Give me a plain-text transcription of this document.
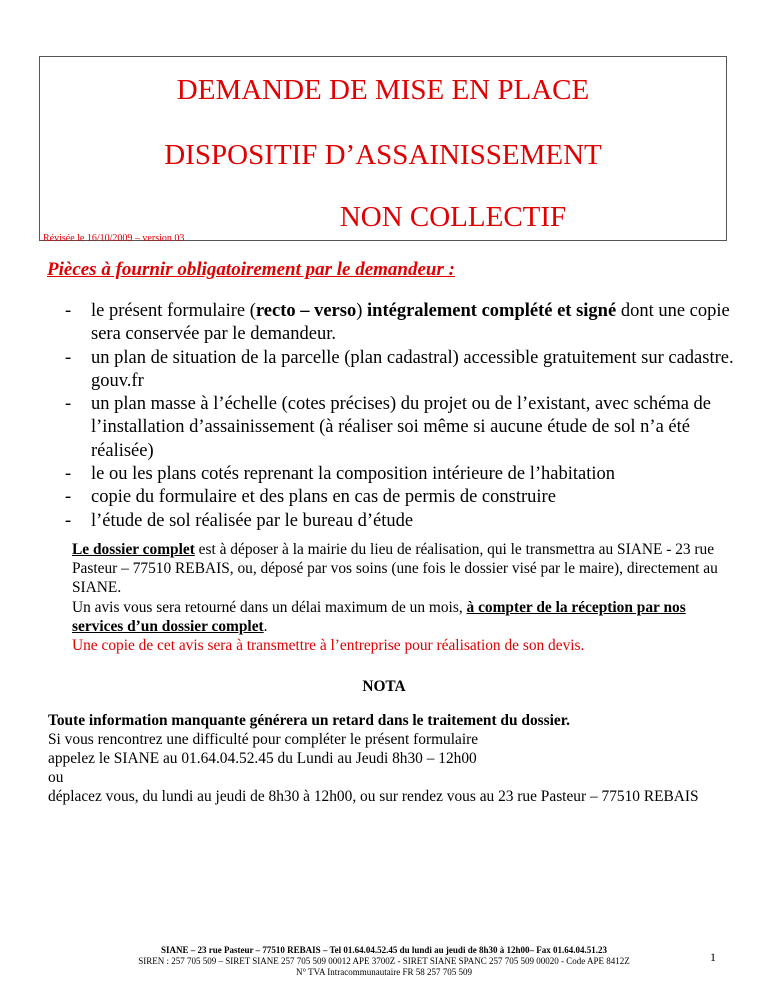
DEMANDE DE MISE EN PLACE
DISPOSITIF D’ASSAINISSEMENT
NON COLLECTIF
Révisée le 16/10/2009 – version 03
Pièces à fournir obligatoirement par le demandeur :
- le présent formulaire (recto – verso) intégralement complété et signé dont une copie sera conservée par le demandeur.
- un plan de situation de la parcelle (plan cadastral) accessible gratuitement sur cadastre. gouv.fr
- un plan masse à l’échelle (cotes précises) du projet ou de l’existant, avec schéma de l’installation d’assainissement (à réaliser soi même si aucune étude de sol n’a été réalisée)
- le ou les plans cotés reprenant la composition intérieure de l’habitation
- copie du formulaire et des plans en cas de permis de construire
- l’étude de sol réalisée par le bureau d’étude
Le dossier complet est à déposer à la mairie du lieu de réalisation, qui le transmettra au SIANE - 23 rue Pasteur – 77510 REBAIS, ou, déposé par vos soins (une fois le dossier visé par le maire), directement au SIANE.
Un avis vous sera retourné dans un délai maximum de un mois, à compter de la réception par nos services d’un dossier complet.
Une copie de cet avis sera à transmettre à l’entreprise pour réalisation de son devis.
NOTA
Toute information manquante générera un retard dans le traitement du dossier.
Si vous rencontrez une difficulté pour compléter le présent formulaire
appelez le SIANE au 01.64.04.52.45 du Lundi au Jeudi 8h30 – 12h00
ou
déplacez vous, du lundi au jeudi de 8h30 à 12h00, ou sur rendez vous au 23 rue Pasteur – 77510 REBAIS
SIANE – 23 rue Pasteur – 77510 REBAIS – Tel 01.64.04.52.45 du lundi au jeudi de 8h30 à 12h00– Fax 01.64.04.51.23
SIREN : 257 705 509 – SIRET SIANE 257 705 509 00012 APE 3700Z - SIRET SIANE SPANC 257 705 509 00020 - Code APE 8412Z
N° TVA Intracommunautaire FR 58 257 705 509
1
